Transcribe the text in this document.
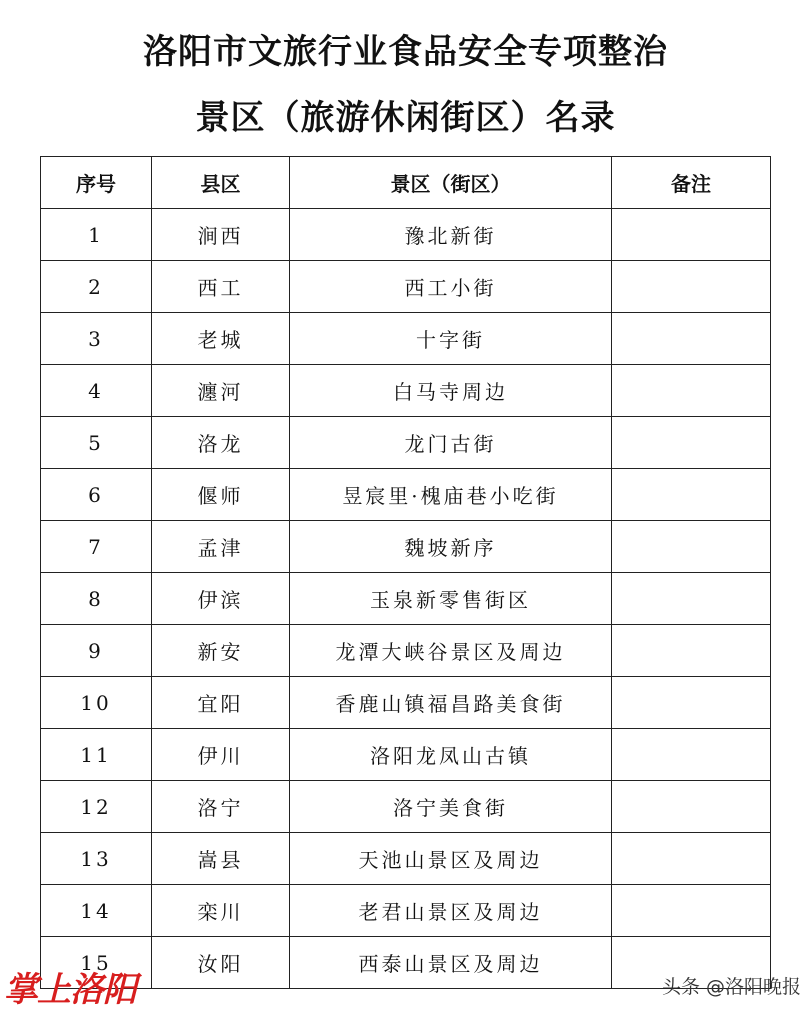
洛阳市文旅行业食品安全专项整治
景区（旅游休闲街区）名录
序号	县区	景区（街区）	备注
1	涧西	豫北新街	
2	西工	西工小街	
3	老城	十字街	
4	瀍河	白马寺周边	
5	洛龙	龙门古街	
6	偃师	昱宸里·槐庙巷小吃街	
7	孟津	魏坡新序	
8	伊滨	玉泉新零售街区	
9	新安	龙潭大峡谷景区及周边	
10	宜阳	香鹿山镇福昌路美食街	
11	伊川	洛阳龙凤山古镇	
12	洛宁	洛宁美食街	
13	嵩县	天池山景区及周边	
14	栾川	老君山景区及周边	
15	汝阳	西泰山景区及周边	
掌上洛阳	头条 @洛阳晚报
